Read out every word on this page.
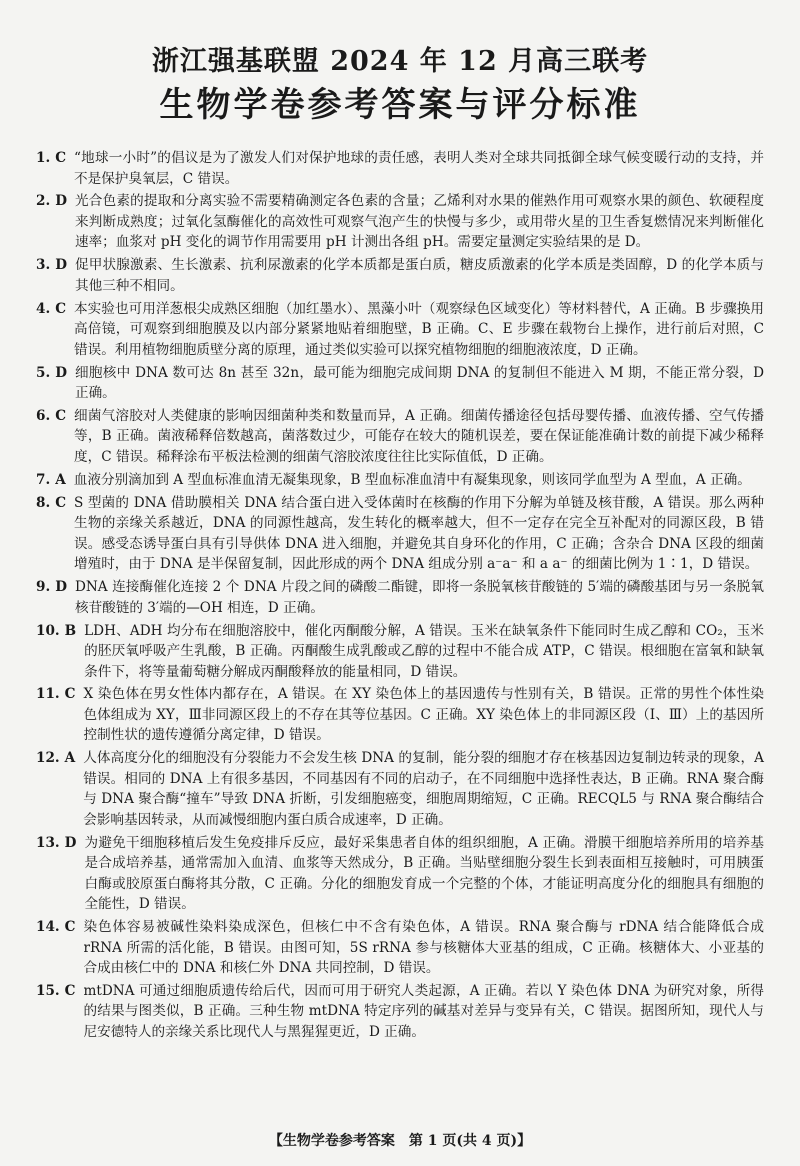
浙江强基联盟 2024 年 12 月高三联考
生物学卷参考答案与评分标准
1. C “地球一小时”的倡议是为了激发人们对保护地球的责任感，表明人类对全球共同抵御全球气候变暖行动的支持，并不是保护臭氧层，C 错误。
2. D 光合色素的提取和分离实验不需要精确测定各色素的含量；乙烯利对水果的催熟作用可观察水果的颜色、软硬程度来判断成熟度；过氧化氢酶催化的高效性可观察气泡产生的快慢与多少，或用带火星的卫生香复燃情况来判断催化速率；血浆对 pH 变化的调节作用需要用 pH 计测出各组 pH。需要定量测定实验结果的是 D。
3. D 促甲状腺激素、生长激素、抗利尿激素的化学本质都是蛋白质，糖皮质激素的化学本质是类固醇，D 的化学本质与其他三种不相同。
4. C 本实验也可用洋葱根尖成熟区细胞（加红墨水）、黑藻小叶（观察绿色区域变化）等材料替代，A 正确。B 步骤换用高倍镜，可观察到细胞膜及以内部分紧紧地贴着细胞壁，B 正确。C、E 步骤在载物台上操作，进行前后对照，C 错误。利用植物细胞质壁分离的原理，通过类似实验可以探究植物细胞的细胞液浓度，D 正确。
5. D 细胞核中 DNA 数可达 8n 甚至 32n，最可能为细胞完成间期 DNA 的复制但不能进入 M 期，不能正常分裂，D 正确。
6. C 细菌气溶胶对人类健康的影响因细菌种类和数量而异，A 正确。细菌传播途径包括母婴传播、血液传播、空气传播等，B 正确。菌液稀释倍数越高，菌落数过少，可能存在较大的随机误差，要在保证能准确计数的前提下减少稀释度，C 错误。稀释涂布平板法检测的细菌气溶胶浓度往往比实际值低，D 正确。
7. A 血液分别滴加到 A 型血标准血清无凝集现象，B 型血标准血清中有凝集现象，则该同学血型为 A 型血，A 正确。
8. C S 型菌的 DNA 借助膜相关 DNA 结合蛋白进入受体菌时在核酶的作用下分解为单链及核苷酸，A 错误。那么两种生物的亲缘关系越近，DNA 的同源性越高，发生转化的概率越大，但不一定存在完全互补配对的同源区段，B 错误。感受态诱导蛋白具有引导供体 DNA 进入细胞，并避免其自身环化的作用，C 正确；含杂合 DNA 区段的细菌增殖时，由于 DNA 是半保留复制，因此形成的两个 DNA 组成分别 a⁻a⁻ 和 a a⁻ 的细菌比例为 1∶1，D 错误。
9. D DNA 连接酶催化连接 2 个 DNA 片段之间的磷酸二酯键，即将一条脱氧核苷酸链的 5′端的磷酸基团与另一条脱氧核苷酸链的 3′端的—OH 相连，D 正确。
10. B LDH、ADH 均分布在细胞溶胶中，催化丙酮酸分解，A 错误。玉米在缺氧条件下能同时生成乙醇和 CO₂，玉米的胚厌氧呼吸产生乳酸，B 正确。丙酮酸生成乳酸或乙醇的过程中不能合成 ATP，C 错误。根细胞在富氧和缺氧条件下，将等量葡萄糖分解成丙酮酸释放的能量相同，D 错误。
11. C X 染色体在男女性体内都存在，A 错误。在 XY 染色体上的基因遗传与性别有关，B 错误。正常的男性个体性染色体组成为 XY，Ⅲ非同源区段上的不存在其等位基因。C 正确。XY 染色体上的非同源区段（Ⅰ、Ⅲ）上的基因所控制性状的遗传遵循分离定律，D 错误。
12. A 人体高度分化的细胞没有分裂能力不会发生核 DNA 的复制，能分裂的细胞才存在核基因边复制边转录的现象，A 错误。相同的 DNA 上有很多基因，不同基因有不同的启动子，在不同细胞中选择性表达，B 正确。RNA 聚合酶与 DNA 聚合酶“撞车”导致 DNA 折断，引发细胞癌变，细胞周期缩短，C 正确。RECQL5 与 RNA 聚合酶结合会影响基因转录，从而减慢细胞内蛋白质合成速率，D 正确。
13. D 为避免干细胞移植后发生免疫排斥反应，最好采集患者自体的组织细胞，A 正确。滑膜干细胞培养所用的培养基是合成培养基，通常需加入血清、血浆等天然成分，B 正确。当贴壁细胞分裂生长到表面相互接触时，可用胰蛋白酶或胶原蛋白酶将其分散，C 正确。分化的细胞发育成一个完整的个体，才能证明高度分化的细胞具有细胞的全能性，D 错误。
14. C 染色体容易被碱性染料染成深色，但核仁中不含有染色体，A 错误。RNA 聚合酶与 rDNA 结合能降低合成 rRNA 所需的活化能，B 错误。由图可知，5S rRNA 参与核糖体大亚基的组成，C 正确。核糖体大、小亚基的合成由核仁中的 DNA 和核仁外 DNA 共同控制，D 错误。
15. C mtDNA 可通过细胞质遗传给后代，因而可用于研究人类起源，A 正确。若以 Y 染色体 DNA 为研究对象，所得的结果与图类似，B 正确。三种生物 mtDNA 特定序列的碱基对差异与变异有关，C 错误。据图所知，现代人与尼安德特人的亲缘关系比现代人与黑猩猩更近，D 正确。
【生物学卷参考答案　第 1 页(共 4 页)】
